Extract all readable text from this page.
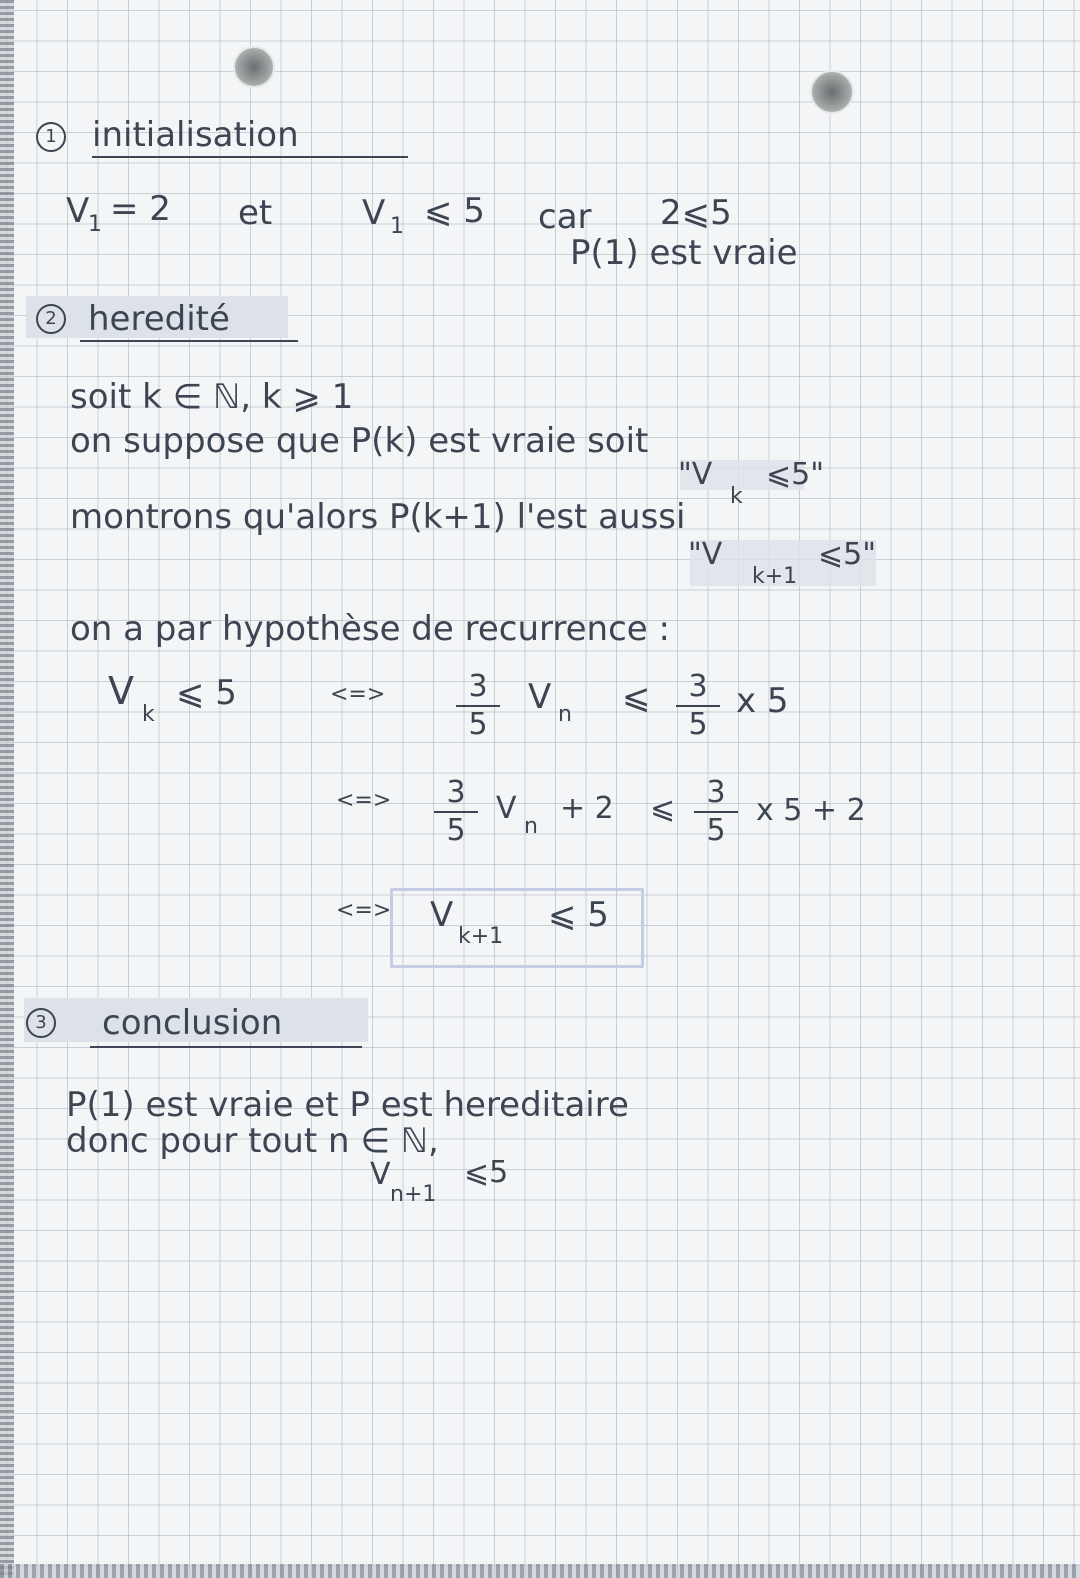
1 initialisation
V
1 = 2 et	V 1 ⩽ 5 car 2⩽5
P(1) est vraie
2 heredité
soit k ∈ ℕ, k ⩾ 1
on suppose que P(k) est vraie soit
"V
k
⩽5"
montrons qu'alors P(k+1) l'est aussi
"V
k+1
⩽5"
on a par hypothèse de recurrence :
V
k
⩽ 5	<=>	3
5
V n ⩽	3
5
x 5
<=>	3
5
V
n
+ 2 ⩽	3
5
x 5 + 2
<=> V
k+1
⩽ 5
3 conclusion
P(1) est vraie et P est hereditaire
donc pour tout n ∈ ℕ,
V
n+1
⩽5
